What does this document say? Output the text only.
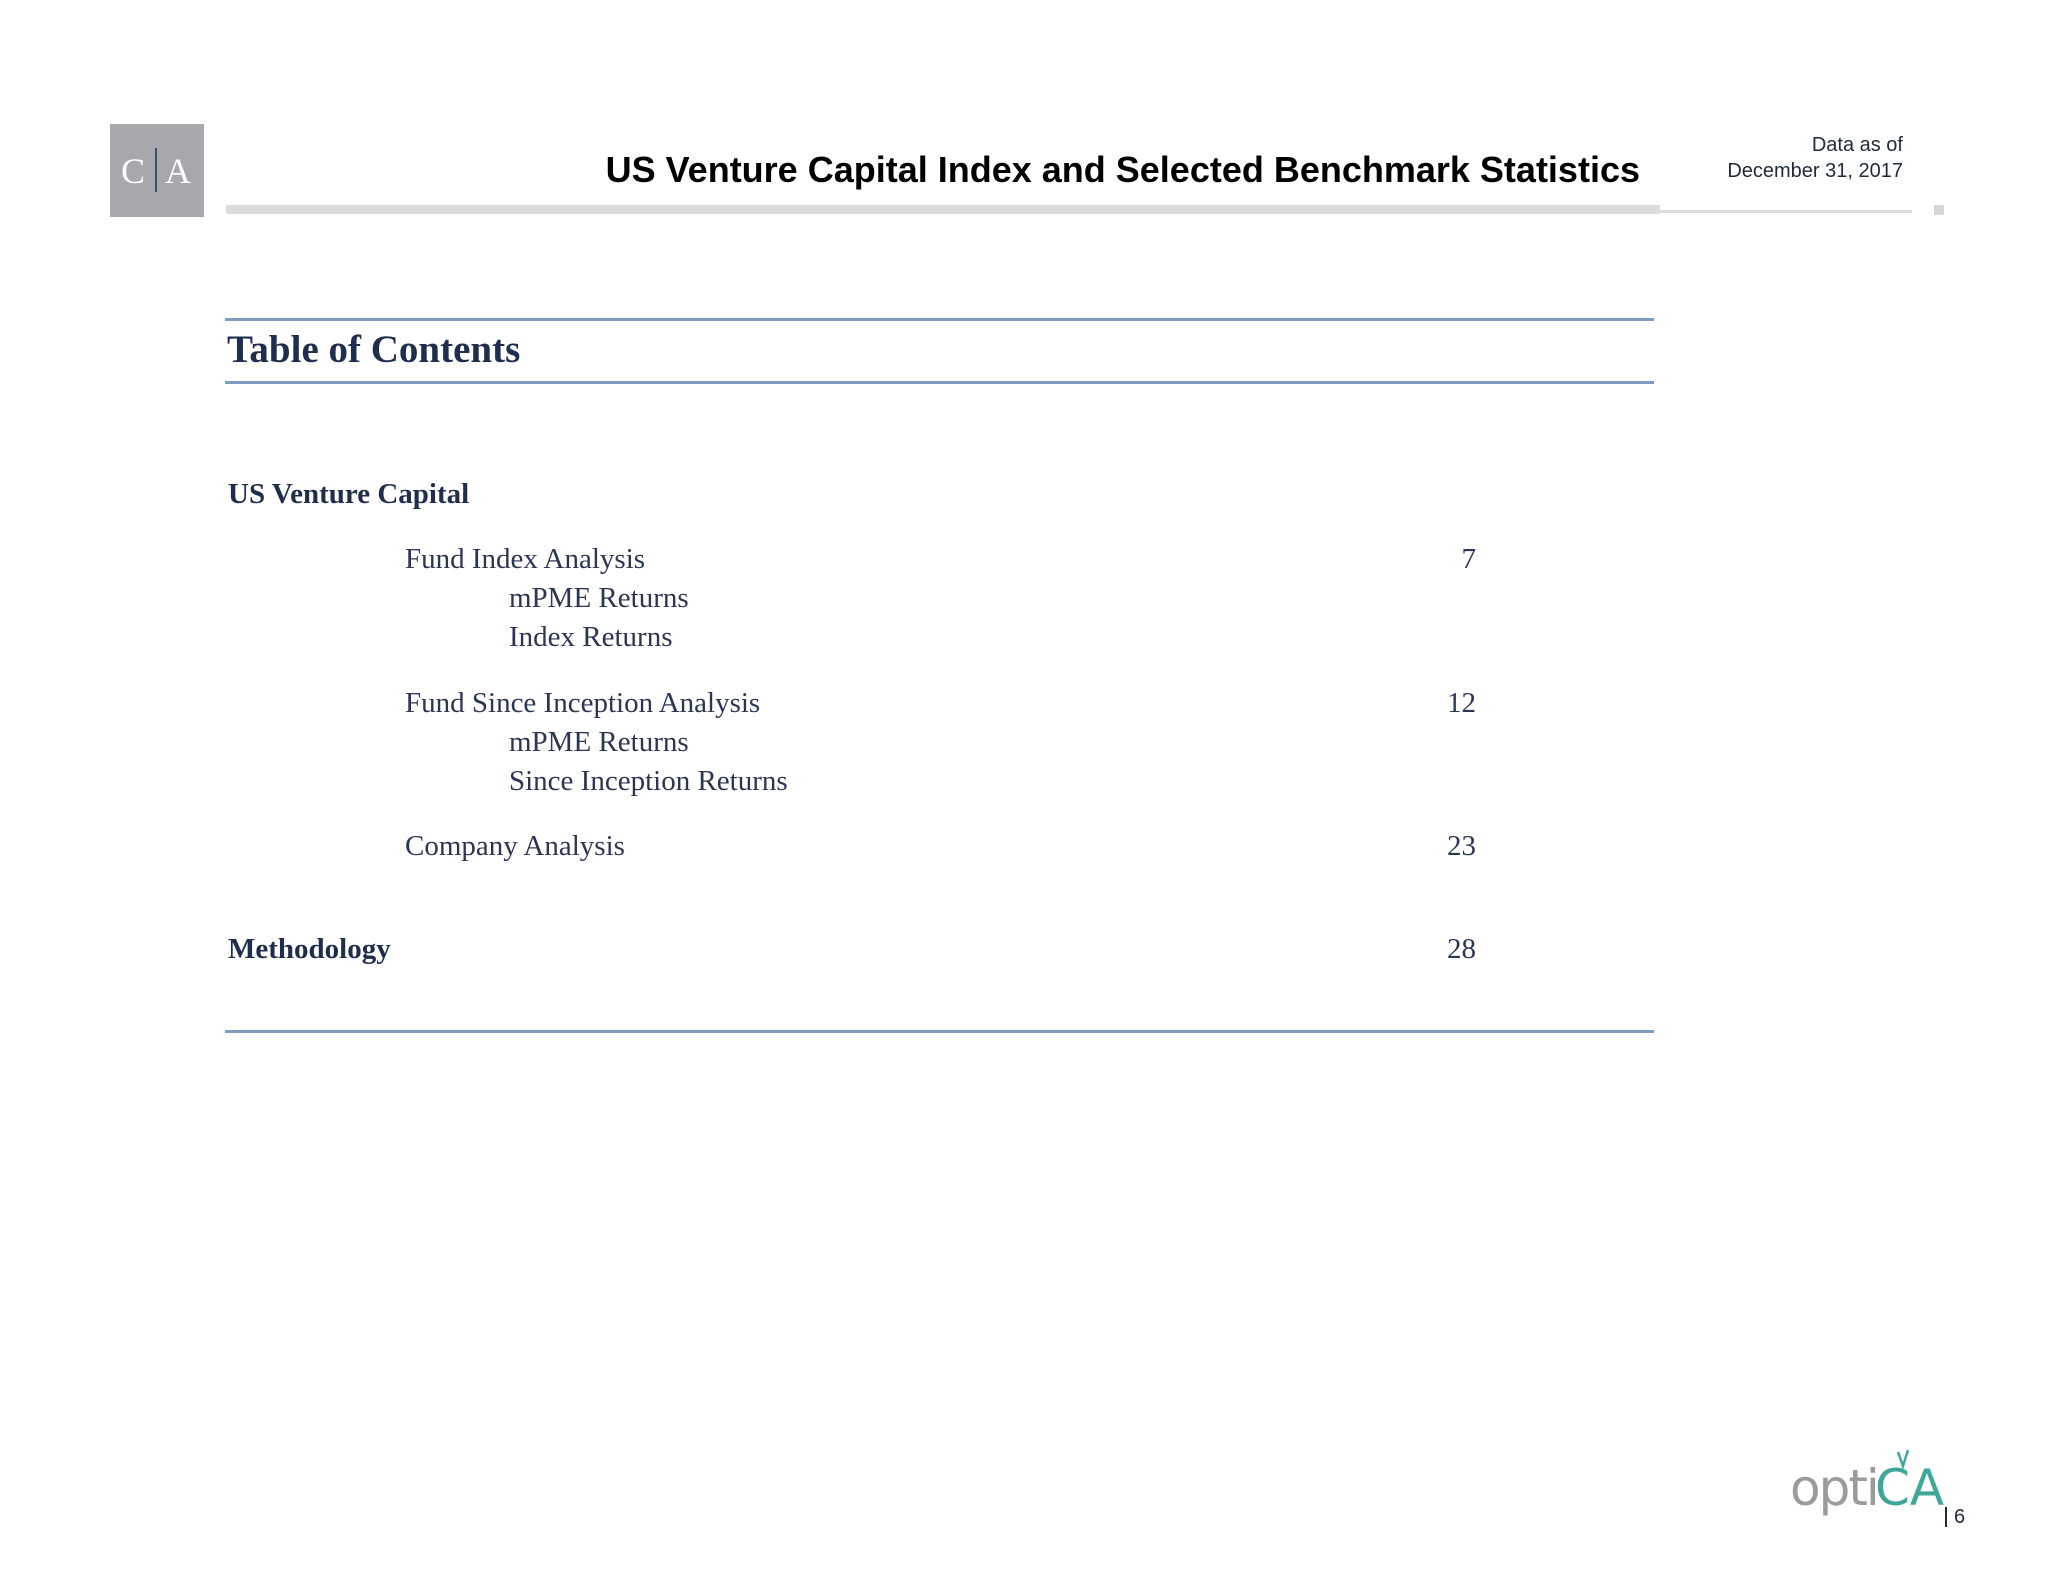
C A	US Venture Capital Index and Selected Benchmark Statistics
Data as of
December 31, 2017
Table of Contents
US Venture Capital
Fund Index Analysis	7
mPME Returns
Index Returns
Fund Since Inception Analysis	12
mPME Returns
Since Inception Returns
Company Analysis	23
Methodology	28
opti
CA 6
